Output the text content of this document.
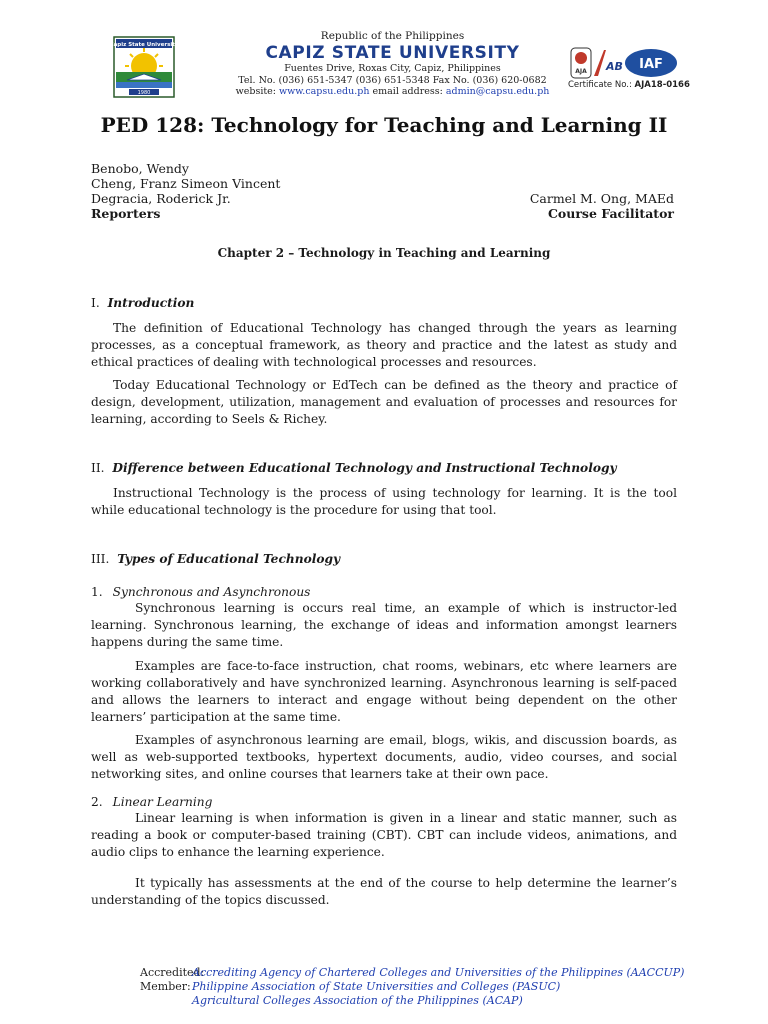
Capiz State University
1980
Republic of the Philippines
CAPIZ STATE UNIVERSITY
Fuentes Drive, Roxas City, Capiz, Philippines
Tel. No. (036) 651-5347 (036) 651-5348 Fax No. (036) 620-0682
website: www.capsu.edu.ph email address: admin@capsu.edu.ph
AJA AB IAF
Certificate No.: AJA18-0166
PED 128: Technology for Teaching and Learning II
Benobo, Wendy
Cheng, Franz Simeon Vincent
Degracia, Roderick Jr.
Reporters
Carmel M. Ong, MAEd
Course Facilitator
Chapter 2 – Technology in Teaching and Learning
I. Introduction
The definition of Educational Technology has changed through the years as learning processes, as a conceptual framework, as theory and practice and the latest as study and ethical practices of dealing with technological processes and resources.
Today Educational Technology or EdTech can be defined as the theory and practice of design, development, utilization, management and evaluation of processes and resources for learning, according to Seels & Richey.
II. Difference between Educational Technology and Instructional Technology
Instructional Technology is the process of using technology for learning. It is the tool while educational technology is the procedure for using that tool.
III. Types of Educational Technology
1. Synchronous and Asynchronous
Synchronous learning is occurs real time, an example of which is instructor-led learning. Synchronous learning, the exchange of ideas and information amongst learners happens during the same time.
Examples are face-to-face instruction, chat rooms, webinars, etc where learners are working collaboratively and have synchronized learning. Asynchronous learning is self-paced and allows the learners to interact and engage without being dependent on the other learners’ participation at the same time.
Examples of asynchronous learning are email, blogs, wikis, and discussion boards, as well as web-supported textbooks, hypertext documents, audio, video courses, and social networking sites, and online courses that learners take at their own pace.
2. Linear Learning
Linear learning is when information is given in a linear and static manner, such as reading a book or computer-based training (CBT). CBT can include videos, animations, and audio clips to enhance the learning experience.
It typically has assessments at the end of the course to help determine the learner’s understanding of the topics discussed.
Accredited:
Accrediting Agency of Chartered Colleges and Universities of the Philippines (AACCUP)
Member: Philippine Association of State Universities and Colleges (PASUC)
Agricultural Colleges Association of the Philippines (ACAP)
